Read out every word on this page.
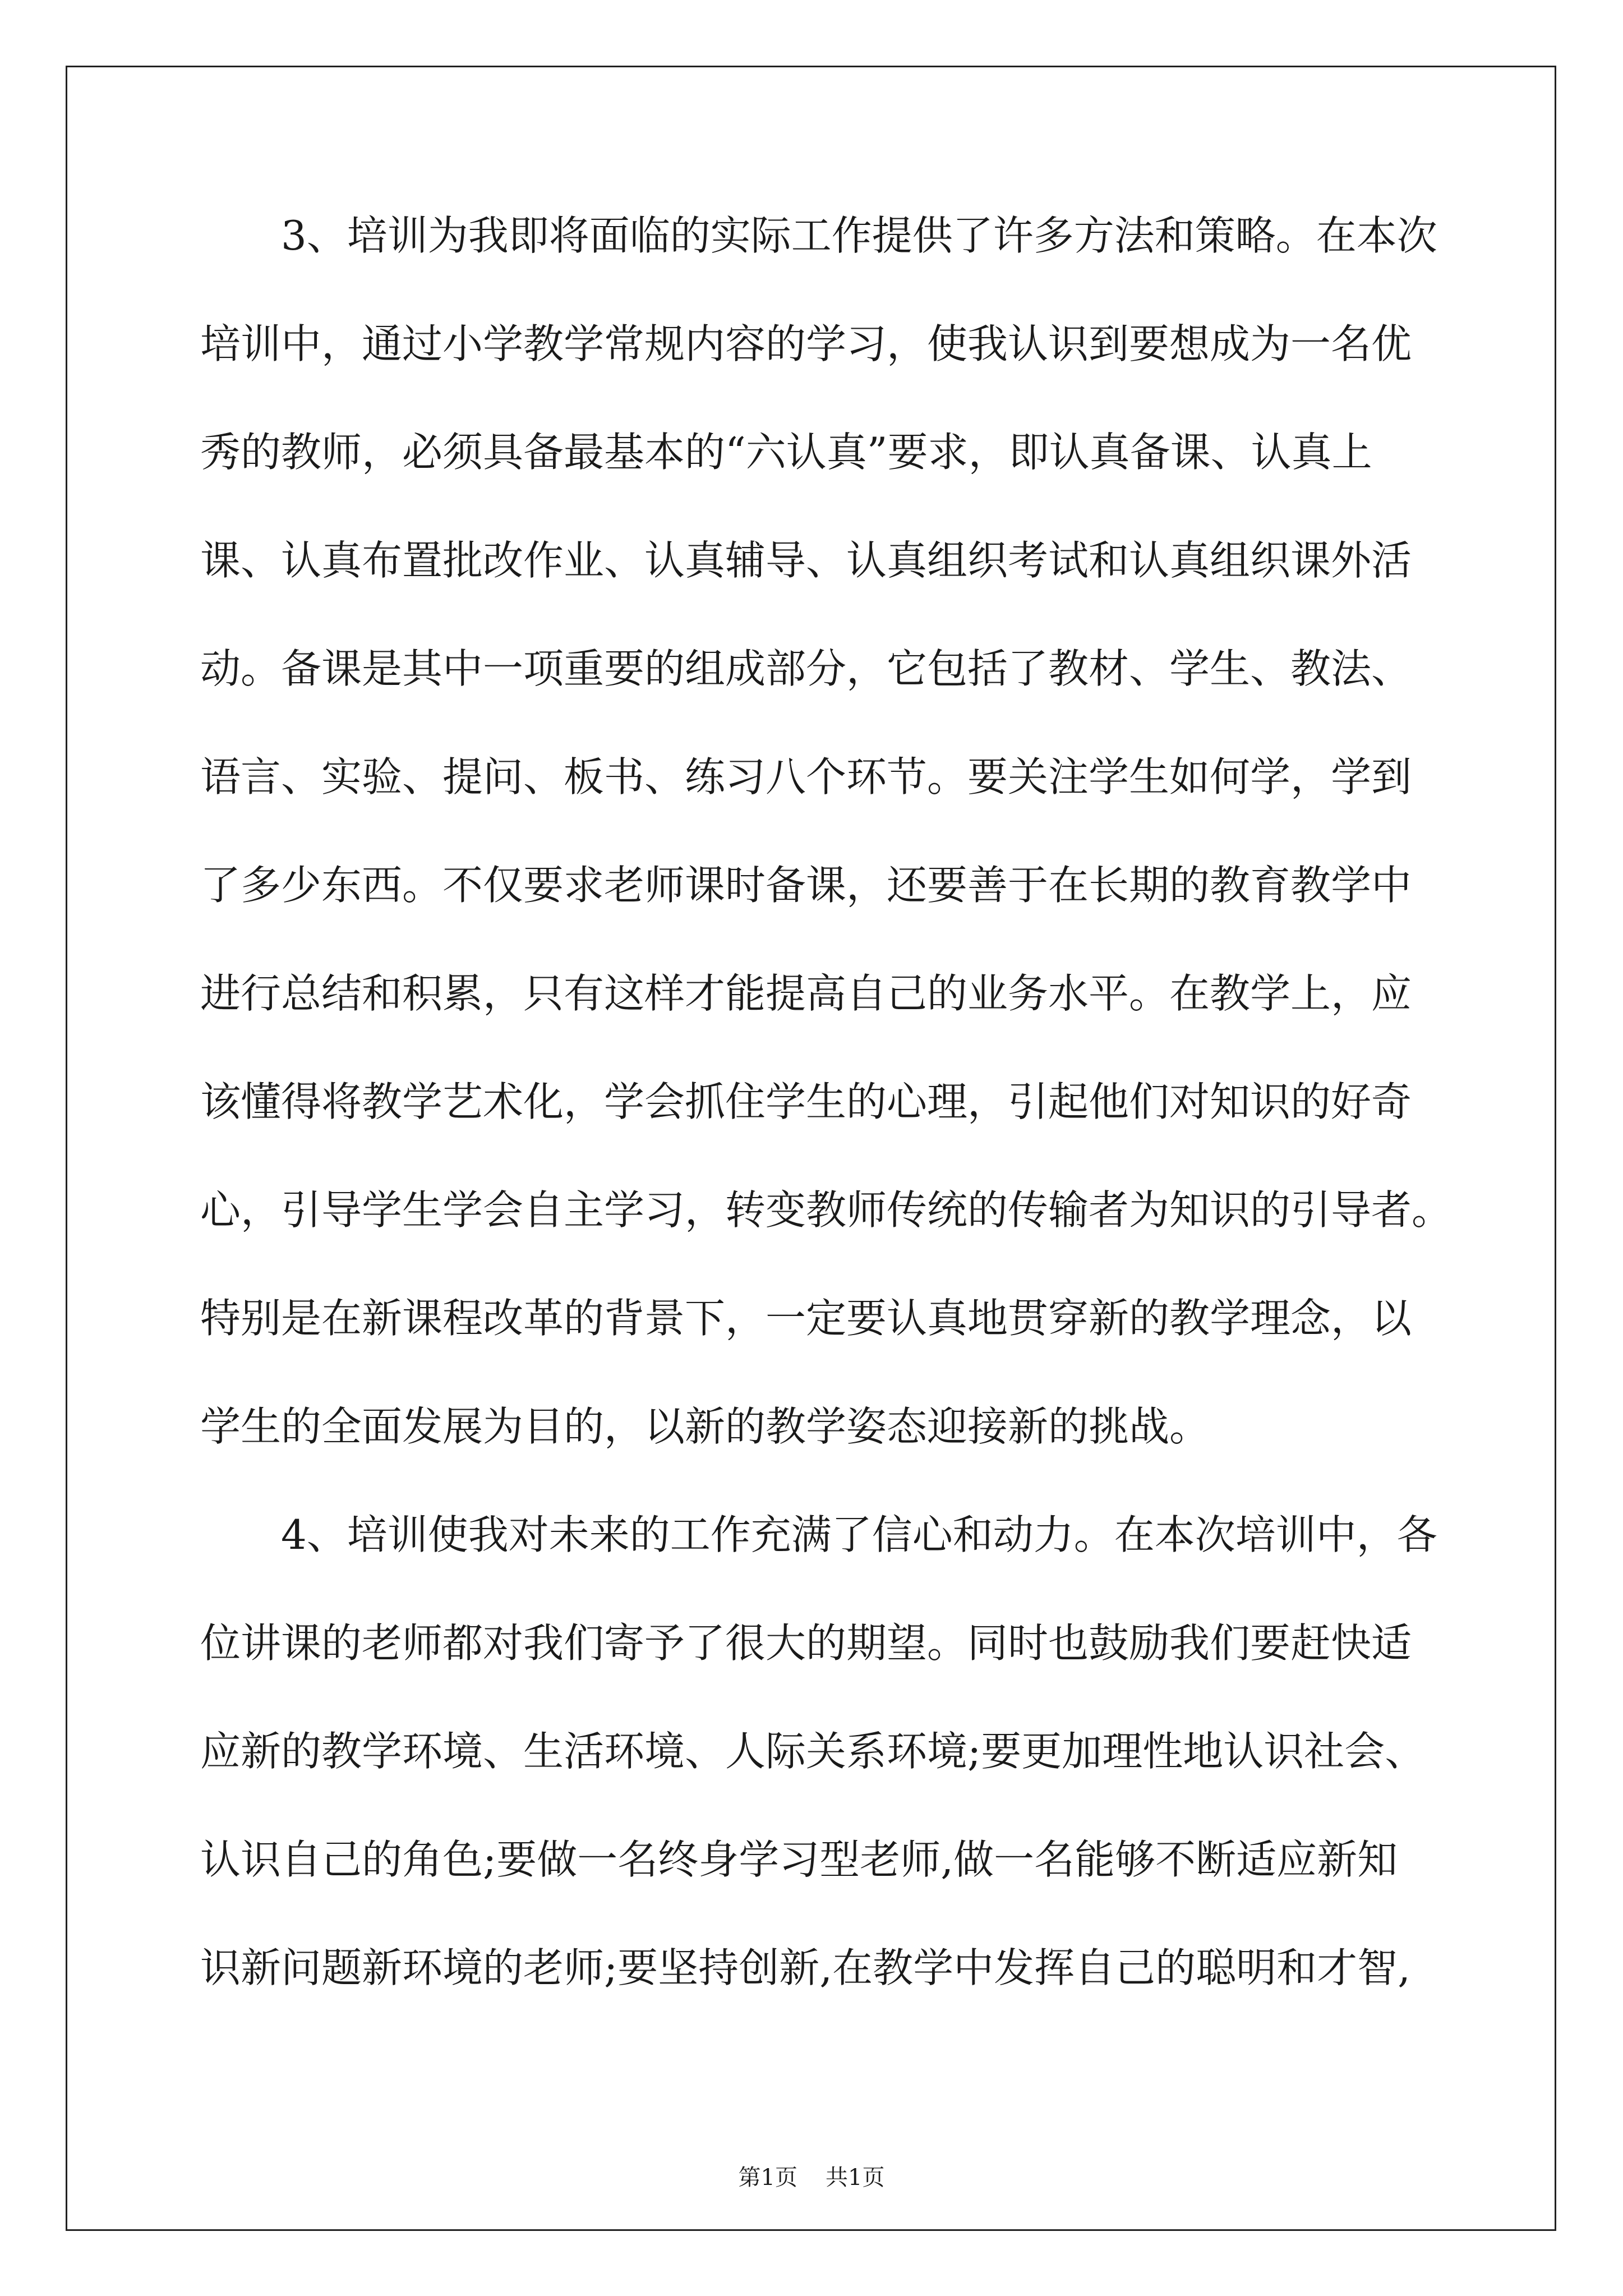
3、培训为我即将面临的实际工作提供了许多方法和策略。在本次
培训中，通过小学教学常规内容的学习，使我认识到要想成为一名优
秀的教师，必须具备最基本的“六认真”要求，即认真备课、认真上
课、认真布置批改作业、认真辅导、认真组织考试和认真组织课外活
动。备课是其中一项重要的组成部分，它包括了教材、学生、教法、
语言、实验、提问、板书、练习八个环节。要关注学生如何学，学到
了多少东西。不仅要求老师课时备课，还要善于在长期的教育教学中
进行总结和积累，只有这样才能提高自己的业务水平。在教学上，应
该懂得将教学艺术化，学会抓住学生的心理，引起他们对知识的好奇
心，引导学生学会自主学习，转变教师传统的传输者为知识的引导者。
特别是在新课程改革的背景下，一定要认真地贯穿新的教学理念，以
学生的全面发展为目的，以新的教学姿态迎接新的挑战。
4、培训使我对未来的工作充满了信心和动力。在本次培训中，各
位讲课的老师都对我们寄予了很大的期望。同时也鼓励我们要赶快适
应新的教学环境、生活环境、人际关系环境;要更加理性地认识社会、
认识自己的角色;要做一名终身学习型老师,做一名能够不断适应新知
识新问题新环境的老师;要坚持创新,在教学中发挥自己的聪明和才智,
第1页 共1页
